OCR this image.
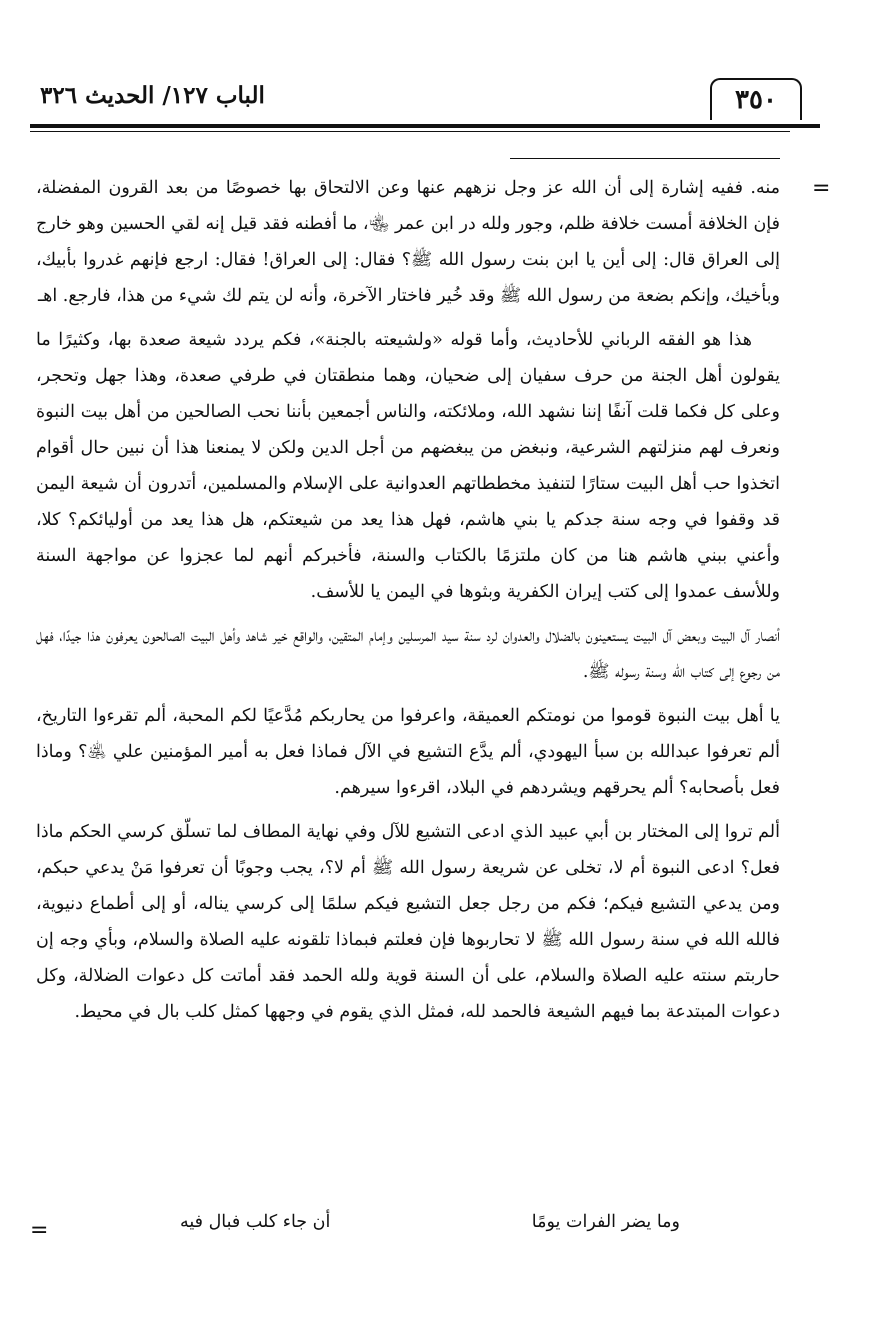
٣٥٠
الباب ١٢٧/ الحديث ٣٢٦
=

منه. ففيه إشارة إلى أن الله عز وجل نزههم عنها وعن الالتحاق بها خصوصًا من بعد القرون المفضلة، فإن الخلافة أمست خلافة ظلم، وجور ولله در ابن عمر ﵄، ما أفطنه فقد قيل إنه لقي الحسين وهو خارج إلى العراق قال: إلى أين يا ابن بنت رسول الله ﷺ؟ فقال: إلى العراق! فقال: ارجع فإنهم غدروا بأبيك، وبأخيك، وإنكم بضعة من رسول الله ﷺ وقد خُير فاختار الآخرة، وأنه لن يتم لك شيء من هذا، فارجع. اهـ

هذا هو الفقه الرباني للأحاديث، وأما قوله «ولشيعته بالجنة»، فكم يردد شيعة صعدة بها، وكثيرًا ما يقولون أهل الجنة من حرف سفيان إلى ضحيان، وهما منطقتان في طرفي صعدة، وهذا جهل وتحجر، وعلى كل فكما قلت آنفًا إننا نشهد الله، وملائكته، والناس أجمعين بأننا نحب الصالحين من أهل بيت النبوة ونعرف لهم منزلتهم الشرعية، ونبغض من يبغضهم من أجل الدين ولكن لا يمنعنا هذا أن نبين حال أقوام اتخذوا حب أهل البيت ستارًا لتنفيذ مخططاتهم العدوانية على الإسلام والمسلمين، أتدرون أن شيعة اليمن قد وقفوا في وجه سنة جدكم يا بني هاشم، فهل هذا يعد من شيعتكم، هل هذا يعد من أوليائكم؟ كلا، وأعني ببني هاشم هنا من كان ملتزمًا بالكتاب والسنة، فأخبركم أنهم لما عجزوا عن مواجهة السنة وللأسف عمدوا إلى كتب إيران الكفرية وبثوها في اليمن يا للأسف.

أنصار آل البيت وبعض آل البيت يستعينون بالضلال والعدوان لرد سنة سيد المرسلين وإمام المتقين، والواقع خير شاهد وأهل البيت الصالحون يعرفون هذا جيدًا، فهل من رجوع إلى كتاب الله وسنة رسوله ﷺ.

يا أهل بيت النبوة قوموا من نومتكم العميقة، واعرفوا من يحاربكم مُدَّعيًا لكم المحبة، ألم تقرءوا التاريخ، ألم تعرفوا عبدالله بن سبأ اليهودي، ألم يدَّع التشيع في الآل فماذا فعل به أمير المؤمنين علي ﵁؟ وماذا فعل بأصحابه؟ ألم يحرقهم ويشردهم في البلاد، اقرءوا سيرهم.

ألم تروا إلى المختار بن أبي عبيد الذي ادعى التشيع للآل وفي نهاية المطاف لما تسلّق كرسي الحكم ماذا فعل؟ ادعى النبوة أم لا، تخلى عن شريعة رسول الله ﷺ أم لا؟، يجب وجوبًا أن تعرفوا مَنْ يدعي حبكم، ومن يدعي التشيع فيكم؛ فكم من رجل جعل التشيع فيكم سلمًا إلى كرسي يناله، أو إلى أطماع دنيوية، فالله الله في سنة رسول الله ﷺ لا تحاربوها فإن فعلتم فبماذا تلقونه عليه الصلاة والسلام، وبأي وجه إن حاربتم سنته عليه الصلاة والسلام، على أن السنة قوية ولله الحمد فقد أماتت كل دعوات الضلالة، وكل دعوات المبتدعة بما فيهم الشيعة فالحمد لله، فمثل الذي يقوم في وجهها كمثل كلب بال في محيط.

وما يضر الفرات يومًا
أن جاء كلب فبال فيه
=
